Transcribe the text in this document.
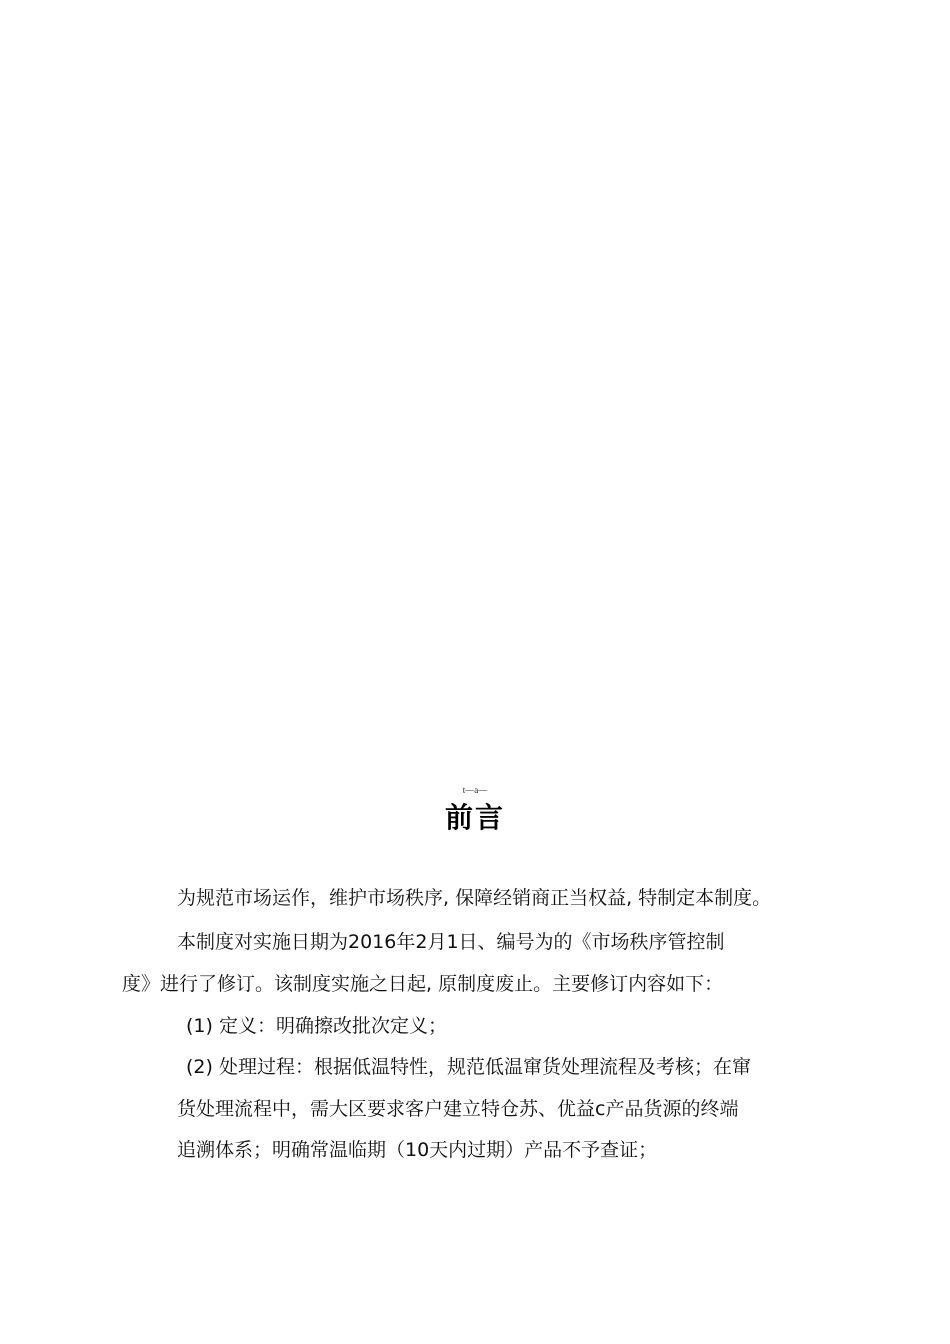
t—a—
前言
为规范市场运作，维护市场秩序, 保障经销商正当权益, 特制定本制度。
本制度对实施日期为2016年2月1日、编号为的《市场秩序管控制
度》进行了修订。该制度实施之日起, 原制度废止。主要修订内容如下：
(1) 定义：明确擦改批次定义；
(2) 处理过程：根据低温特性，规范低温窜货处理流程及考核；在窜
货处理流程中，需大区要求客户建立特仓苏、优益c产品货源的终端
追溯体系；明确常温临期（10天内过期）产品不予查证；
